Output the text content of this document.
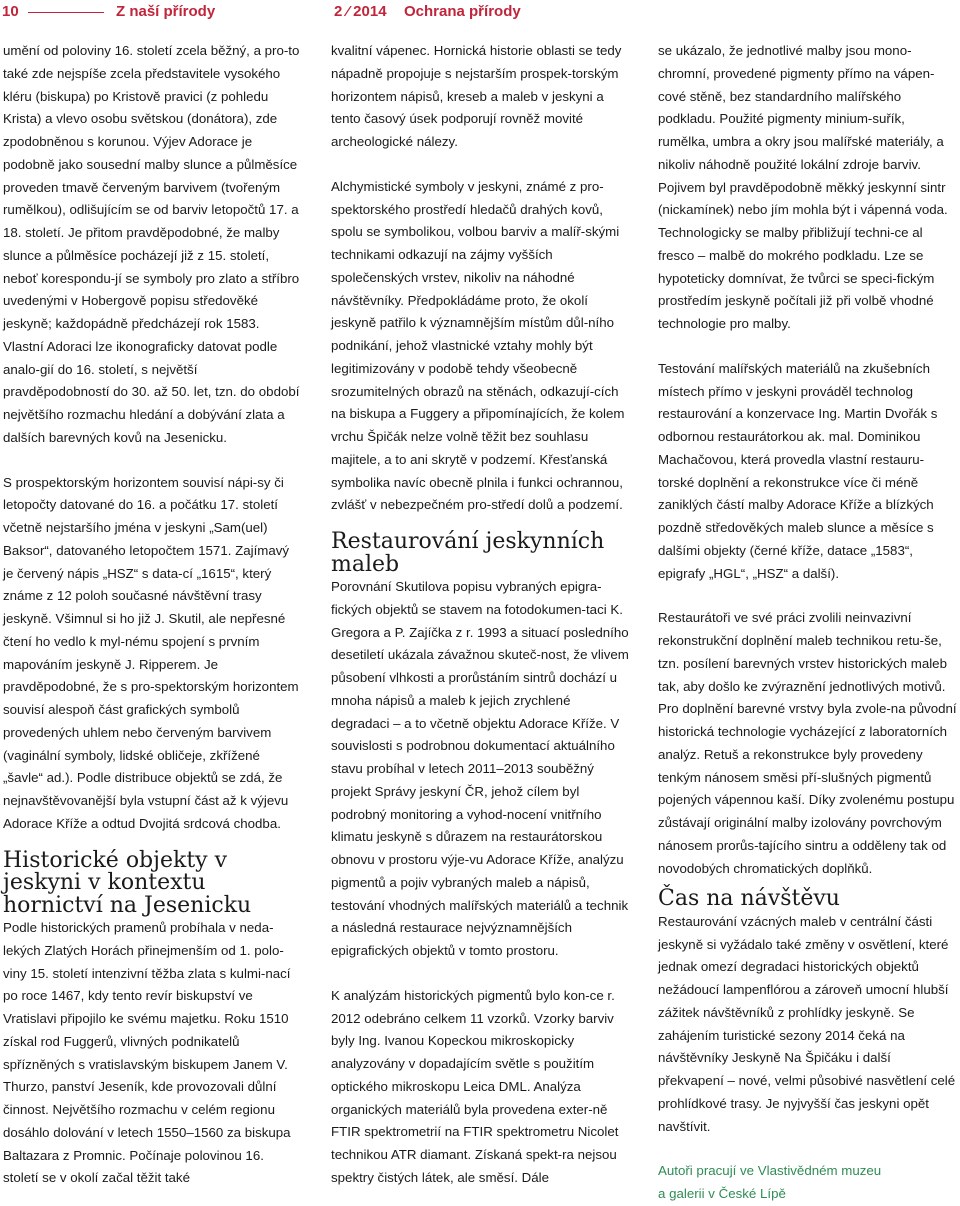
10	Z naší přírody	2 ⁄ 2014 Ochrana přírody

umění od poloviny 16. století zcela běžný, a pro-to také zde nejspíše zcela představitele vysokého kléru (biskupa) po Kristově pravici (z pohledu Krista) a vlevo osobu světskou (donátora), zde zpodobněnou s korunou. Výjev Adorace je podobně jako sousední malby slunce a půlměsíce proveden tmavě červeným barvivem (tvořeným rumělkou), odlišujícím se od barviv letopočtů 17. a 18. století. Je přitom pravděpodobné, že malby slunce a půlměsíce pocházejí již z 15. století, neboť korespondu-jí se symboly pro zlato a stříbro uvedenými v Hobergově popisu středověké jeskyně; každopádně předcházejí rok 1583. Vlastní Adoraci lze ikonograficky datovat podle analo-gií do 16. století, s největší pravděpodobností do 30. až 50. let, tzn. do období největšího rozmachu hledání a dobývání zlata a dalších barevných kovů na Jesenicku.

S prospektorským horizontem souvisí nápi-sy či letopočty datované do 16. a počátku 17. století včetně nejstaršího jména v jeskyni „Sam(uel) Baksor“, datovaného letopočtem 1571. Zajímavý je červený nápis „HSZ“ s data-cí „1615“, který známe z 12 poloh současné návštěvní trasy jeskyně. Všimnul si ho již J. Skutil, ale nepřesné čtení ho vedlo k myl-nému spojení s prvním mapováním jeskyně J. Ripperem. Je pravděpodobné, že s pro-spektorským horizontem souvisí alespoň část grafických symbolů provedených uhlem nebo červeným barvivem (vaginální symboly, lidské obličeje, zkřížené „šavle“ ad.). Podle distribuce objektů se zdá, že nejnavštěvovanější byla vstupní část až k výjevu Adorace Kříže a odtud Dvojitá srdcová chodba.

Historické objekty v jeskyni v kontextu hornictví na Jesenicku

Podle historických pramenů probíhala v neda-lekých Zlatých Horách přinejmenším od 1. polo-viny 15. století intenzivní těžba zlata s kulmi-nací po roce 1467, kdy tento revír biskupství ve Vratislavi připojilo ke svému majetku. Roku 1510 získal rod Fuggerů, vlivných podnikatelů spřízněných s vratislavským biskupem Janem V. Thurzo, panství Jeseník, kde provozovali důlní činnost. Největšího rozmachu v celém regionu dosáhlo dolování v letech 1550–1560 za biskupa Baltazara z Promnic. Počínaje polovinou 16. století se v okolí začal těžit také

kvalitní vápenec. Hornická historie oblasti se tedy nápadně propojuje s nejstarším prospek-torským horizontem nápisů, kreseb a maleb v jeskyni a tento časový úsek podporují rovněž movité archeologické nálezy.

Alchymistické symboly v jeskyni, známé z pro-spektorského prostředí hledačů drahých kovů, spolu se symbolikou, volbou barviv a malíř-skými technikami odkazují na zájmy vyšších společenských vrstev, nikoliv na náhodné návštěvníky. Předpokládáme proto, že okolí jeskyně patřilo k významnějším místům důl-ního podnikání, jehož vlastnické vztahy mohly být legitimizovány v podobě tehdy všeobecně srozumitelných obrazů na stěnách, odkazují-cích na biskupa a Fuggery a připomínajících, že kolem vrchu Špičák nelze volně těžit bez souhlasu majitele, a to ani skrytě v podzemí. Křesťanská symbolika navíc obecně plnila i funkci ochrannou, zvlášť v nebezpečném pro-středí dolů a podzemí.

Restaurování jeskynních maleb

Porovnání Skutilova popisu vybraných epigra-fických objektů se stavem na fotodokumen-taci K. Gregora a P. Zajíčka z r. 1993 a situací posledního desetiletí ukázala závažnou skuteč-nost, že vlivem působení vlhkosti a prorůstáním sintrů dochází u mnoha nápisů a maleb k jejich zrychlené degradaci – a to včetně objektu Adorace Kříže. V souvislosti s podrobnou dokumentací aktuálního stavu probíhal v letech 2011–2013 souběžný projekt Správy jeskyní ČR, jehož cílem byl podrobný monitoring a vyhod-nocení vnitřního klimatu jeskyně s důrazem na restaurátorskou obnovu v prostoru výje-vu Adorace Kříže, analýzu pigmentů a pojiv vybraných maleb a nápisů, testování vhodných malířských materiálů a technik a následná restaurace nejvýznamnějších epigrafických objektů v tomto prostoru.

K analýzám historických pigmentů bylo kon-ce r. 2012 odebráno celkem 11 vzorků. Vzorky barviv byly Ing. Ivanou Kopeckou mikroskopicky analyzovány v dopadajícím světle s použitím optického mikroskopu Leica DML. Analýza organických materiálů byla provedena exter-ně FTIR spektrometrií na FTIR spektrometru Nicolet technikou ATR diamant. Získaná spekt-ra nejsou spektry čistých látek, ale směsí. Dále

se ukázalo, že jednotlivé malby jsou mono-chromní, provedené pigmenty přímo na vápen-cové stěně, bez standardního malířského podkladu. Použité pigmenty minium-suřík, rumělka, umbra a okry jsou malířské materiály, a nikoliv náhodně použité lokální zdroje barviv. Pojivem byl pravděpodobně měkký jeskynní sintr (nickamínek) nebo jím mohla být i vápenná voda. Technologicky se malby přibližují techni-ce al fresco – malbě do mokrého podkladu. Lze se hypoteticky domnívat, že tvůrci se speci-fickým prostředím jeskyně počítali již při volbě vhodné technologie pro malby.

Testování malířských materiálů na zkušebních místech přímo v jeskyni prováděl technolog restaurování a konzervace Ing. Martin Dvořák s odbornou restaurátorkou ak. mal. Dominikou Machačovou, která provedla vlastní restauru-torské doplnění a rekonstrukce více či méně zaniklých částí malby Adorace Kříže a blízkých pozdně středověkých maleb slunce a měsíce s dalšími objekty (černé kříže, datace „1583“, epigrafy „HGL“, „HSZ“ a další).

Restaurátoři ve své práci zvolili neinvazivní rekonstrukční doplnění maleb technikou retu-še, tzn. posílení barevných vrstev historických maleb tak, aby došlo ke zvýraznění jednotlivých motivů. Pro doplnění barevné vrstvy byla zvole-na původní historická technologie vycházející z laboratorních analýz. Retuš a rekonstrukce byly provedeny tenkým nánosem směsi pří-slušných pigmentů pojených vápennou kaší. Díky zvolenému postupu zůstávají originální malby izolovány povrchovým nánosem prorůs-tajícího sintru a odděleny tak od novodobých chromatických doplňků.

Čas na návštěvu

Restaurování vzácných maleb v centrální části jeskyně si vyžádalo také změny v osvětlení, které jednak omezí degradaci historických objektů nežádoucí lampenflórou a zároveň umocní hlubší zážitek návštěvníků z prohlídky jeskyně. Se zahájením turistické sezony 2014 čeká na návštěvníky Jeskyně Na Špičáku i další překvapení – nové, velmi působivé nasvětlení celé prohlídkové trasy. Je nyjvyšší čas jeskyni opět navštívit.

Autoři pracují ve Vlastivědném muzeu
a galerii v České Lípě
